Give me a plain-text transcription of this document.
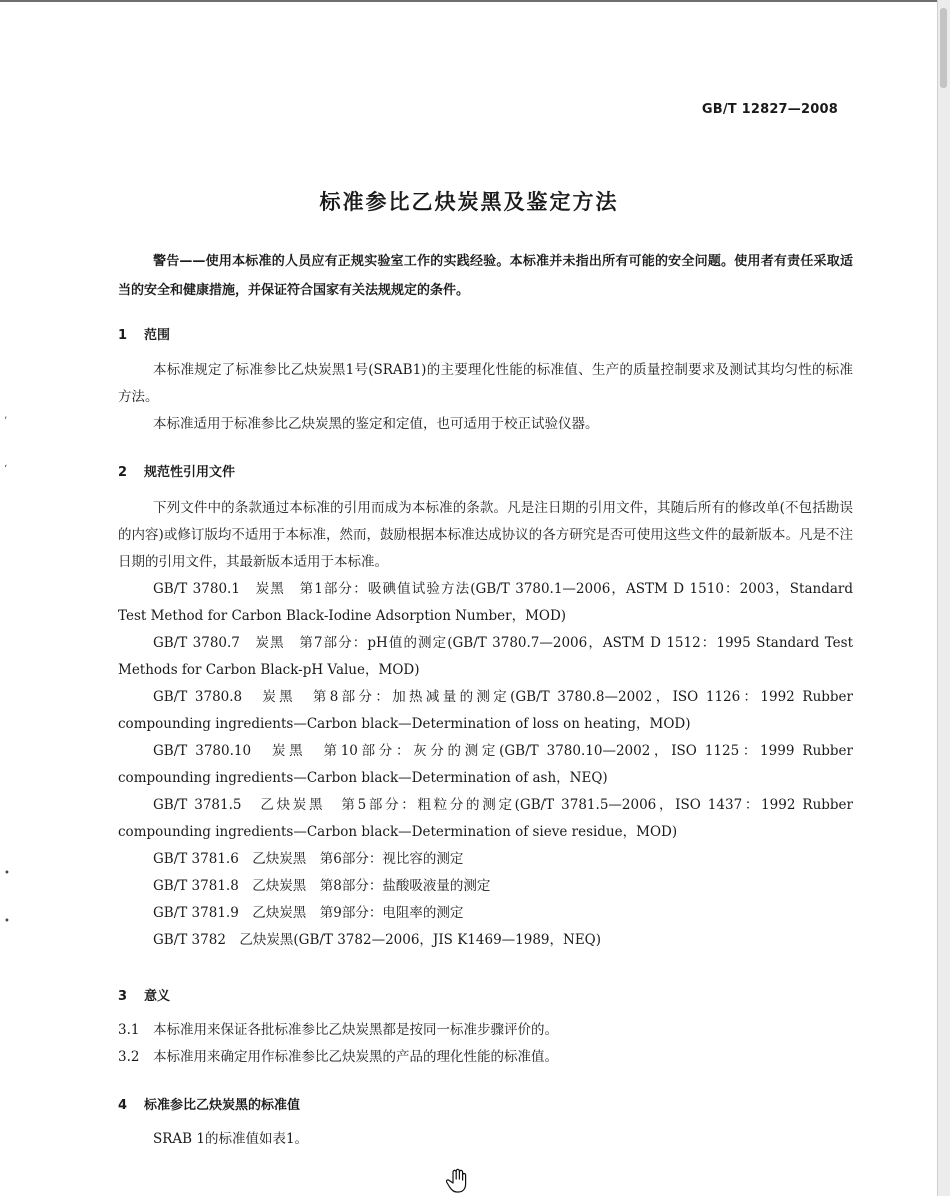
’
‘
•
•
GB/T 12827—2008
标准参比乙炔炭黑及鉴定方法

警告——使用本标准的人员应有正规实验室工作的实践经验。本标准并未指出所有可能的安全问题。使用者有责任采取适当的安全和健康措施，并保证符合国家有关法规规定的条件。

1 范围

本标准规定了标准参比乙炔炭黑1号(SRAB1)的主要理化性能的标准值、生产的质量控制要求及测试其均匀性的标准方法。

本标准适用于标准参比乙炔炭黑的鉴定和定值，也可适用于校正试验仪器。

2 规范性引用文件

下列文件中的条款通过本标准的引用而成为本标准的条款。凡是注日期的引用文件，其随后所有的修改单(不包括勘误的内容)或修订版均不适用于本标准，然而，鼓励根据本标准达成协议的各方研究是否可使用这些文件的最新版本。凡是不注日期的引用文件，其最新版本适用于本标准。

GB/T 3780.1　炭黑　第1部分：吸碘值试验方法(GB/T 3780.1—2006，ASTM D 1510：2003，Standard Test Method for Carbon Black-Iodine Adsorption Number，MOD)

GB/T 3780.7　炭黑　第7部分：pH值的测定(GB/T 3780.7—2006，ASTM D 1512：1995 Standard Test Methods for Carbon Black-pH Value，MOD)

GB/T 3780.8　炭黑　第8部分：加热减量的测定(GB/T 3780.8—2002，ISO 1126：1992 Rubber compounding ingredients—Carbon black—Determination of loss on heating，MOD)

GB/T 3780.10　炭黑　第10部分：灰分的测定(GB/T 3780.10—2002，ISO 1125：1999 Rubber compounding ingredients—Carbon black—Determination of ash，NEQ)

GB/T 3781.5　乙炔炭黑　第5部分：粗粒分的测定(GB/T 3781.5—2006，ISO 1437：1992 Rubber compounding ingredients—Carbon black—Determination of sieve residue，MOD)

GB/T 3781.6　乙炔炭黑　第6部分：视比容的测定

GB/T 3781.8　乙炔炭黑　第8部分：盐酸吸液量的测定

GB/T 3781.9　乙炔炭黑　第9部分：电阻率的测定

GB/T 3782　乙炔炭黑(GB/T 3782—2006，JIS K1469—1989，NEQ)

3 意义

3.1　本标准用来保证各批标准参比乙炔炭黑都是按同一标准步骤评价的。

3.2　本标准用来确定用作标准参比乙炔炭黑的产品的理化性能的标准值。

4 标准参比乙炔炭黑的标准值

SRAB 1的标准值如表1。
